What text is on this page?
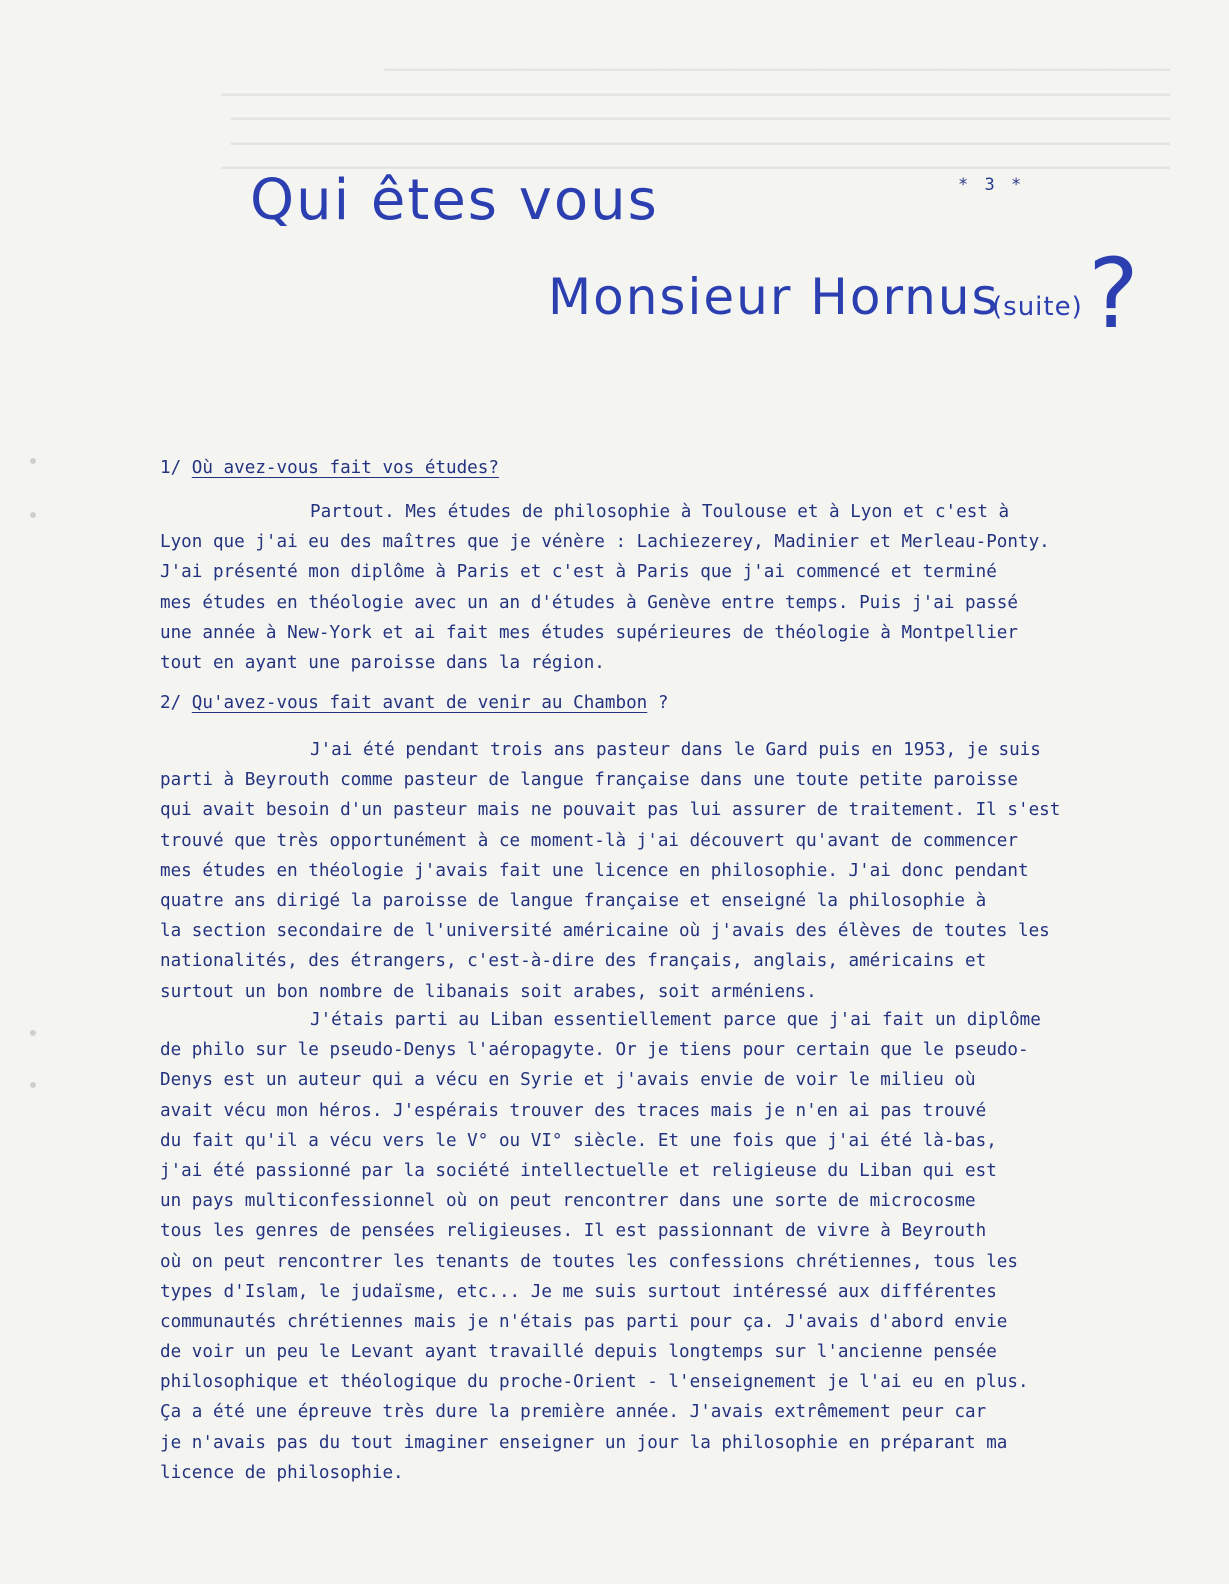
━━━━━━━━━━━━━━━━━━━━━━━━━━━━━━━━━━━━━━━━━━━━━━━━━━━━━━━━━━━━━━━━━━━━━━━━━━━━━━━━━━━━━━━
━━━━━━━━━━━━━━━━━━━━━━━━━━━━━━━━━━━━━━━━━━━━━━━━━━━━━━━━━━━━━━━━━━━━━━━━━━━━━━━━━━━━━━━━━━━━━━━━━━━━━━━━━
━━━━━━━━━━━━━━━━━━━━━━━━━━━━━━━━━━━━━━━━━━━━━━━━━━━━━━━━━━━━━━━━━━━━━━━━━━━━━━━━━━━━━━━━━━━━━━━━━━━━━━━━
━━━━━━━━━━━━━━━━━━━━━━━━━━━━━━━━━━━━━━━━━━━━━━━━━━━━━━━━━━━━━━━━━━━━━━━━━━━━━━━━━━━━━━━━━━━━━━━━━━━━━━━━
━━━━━━━━━━━━━━━━━━━━━━━━━━━━━━━━━━━━━━━━━━━━━━━━━━━━━━━━━━━━━━━━━━━━━━━━━━━━━━━━━━━━━━━━━━━━━━━━━━━━━━━━━
* 3 *
Qui êtes vous
Monsieur Hornus
(suite) ?
1/ Où avez-vous fait vos études?
Partout. Mes études de philosophie à Toulouse et à Lyon et c'est à
Lyon que j'ai eu des maîtres que je vénère : Lachiezerey, Madinier et Merleau-Ponty.
J'ai présenté mon diplôme à Paris et c'est à Paris que j'ai commencé et terminé
mes études en théologie avec un an d'études à Genève entre temps. Puis j'ai passé
une année à New-York et ai fait mes études supérieures de théologie à Montpellier
tout en ayant une paroisse dans la région.
2/ Qu'avez-vous fait avant de venir au Chambon ?
J'ai été pendant trois ans pasteur dans le Gard puis en 1953, je suis
parti à Beyrouth comme pasteur de langue française dans une toute petite paroisse
qui avait besoin d'un pasteur mais ne pouvait pas lui assurer de traitement. Il s'est
trouvé que très opportunément à ce moment-là j'ai découvert qu'avant de commencer
mes études en théologie j'avais fait une licence en philosophie. J'ai donc pendant
quatre ans dirigé la paroisse de langue française et enseigné la philosophie à
la section secondaire de l'université américaine où j'avais des élèves de toutes les
nationalités, des étrangers, c'est-à-dire des français, anglais, américains et
surtout un bon nombre de libanais soit arabes, soit arméniens.
J'étais parti au Liban essentiellement parce que j'ai fait un diplôme
de philo sur le pseudo-Denys l'aéropagyte. Or je tiens pour certain que le pseudo-
Denys est un auteur qui a vécu en Syrie et j'avais envie de voir le milieu où
avait vécu mon héros. J'espérais trouver des traces mais je n'en ai pas trouvé
du fait qu'il a vécu vers le V° ou VI° siècle. Et une fois que j'ai été là-bas,
j'ai été passionné par la société intellectuelle et religieuse du Liban qui est
un pays multiconfessionnel où on peut rencontrer dans une sorte de microcosme
tous les genres de pensées religieuses. Il est passionnant de vivre à Beyrouth
où on peut rencontrer les tenants de toutes les confessions chrétiennes, tous les
types d'Islam, le judaïsme, etc... Je me suis surtout intéressé aux différentes
communautés chrétiennes mais je n'étais pas parti pour ça. J'avais d'abord envie
de voir un peu le Levant ayant travaillé depuis longtemps sur l'ancienne pensée
philosophique et théologique du proche-Orient - l'enseignement je l'ai eu en plus.
Ça a été une épreuve très dure la première année. J'avais extrêmement peur car
je n'avais pas du tout imaginer enseigner un jour la philosophie en préparant ma
licence de philosophie.
